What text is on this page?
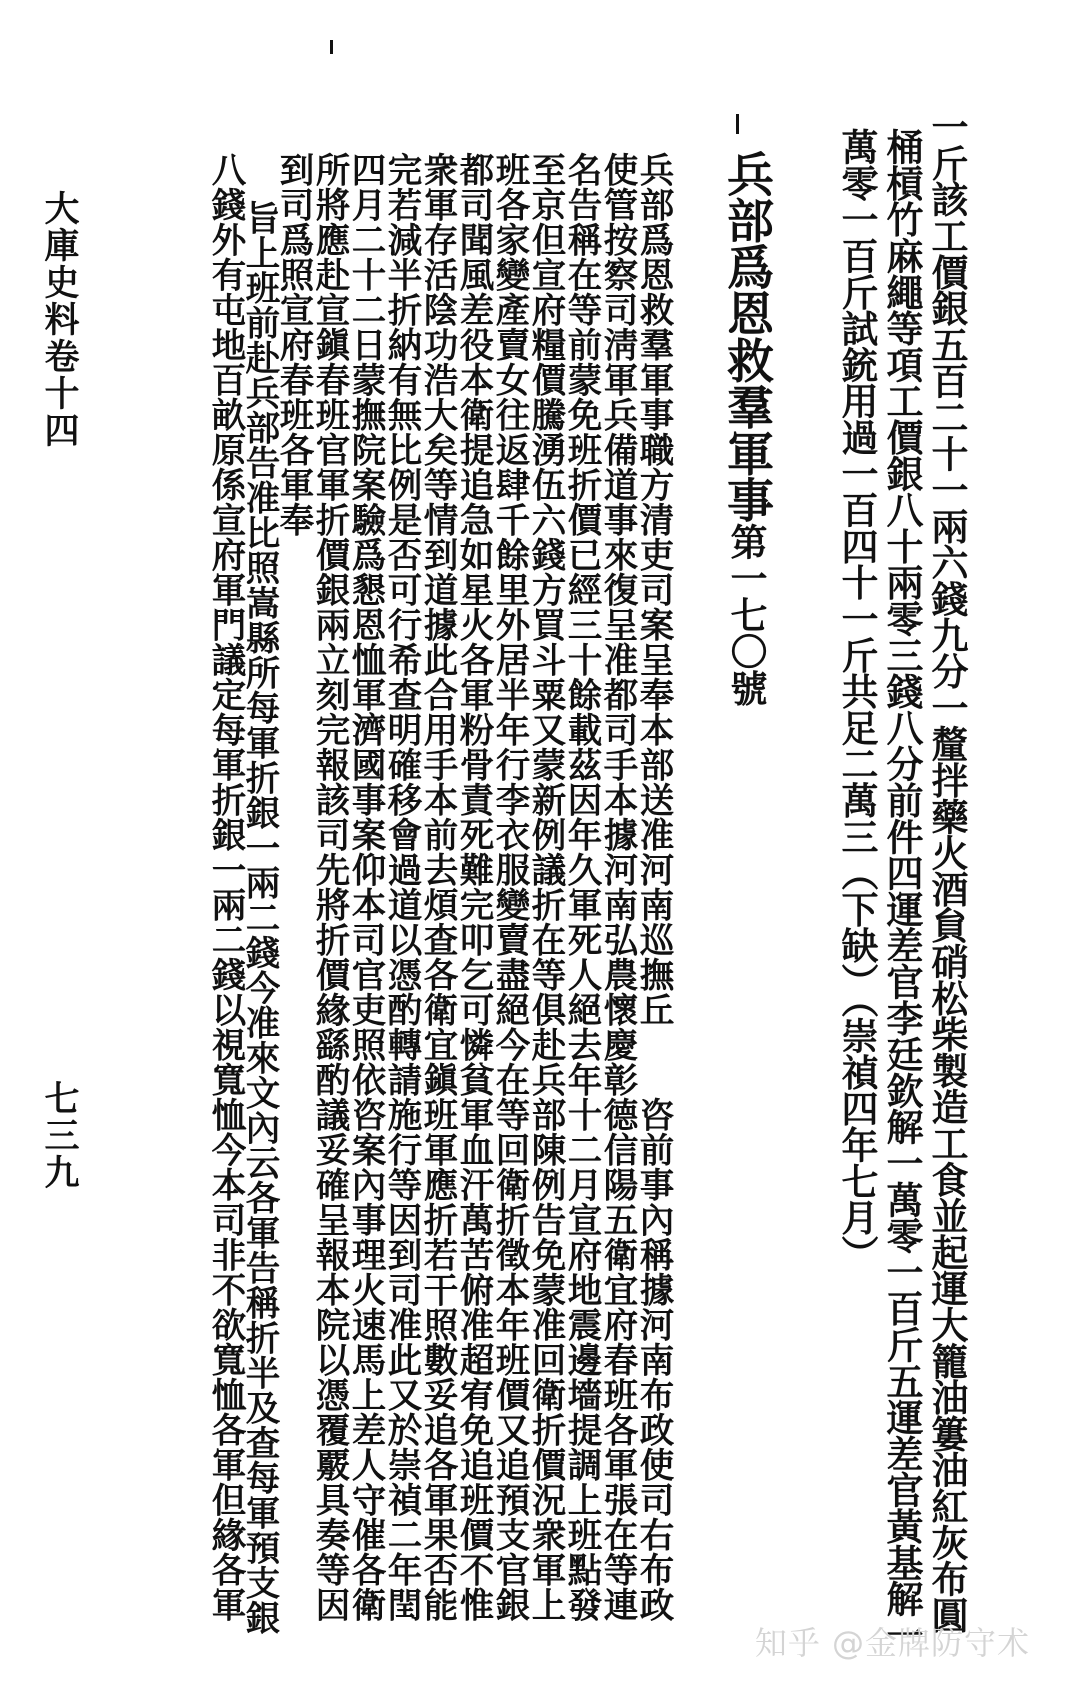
一斤該工價銀五百二十一兩六錢九分一釐拌藥火酒貟硝松柴製造工食並起運大籠油簍油紅灰布圓
桶槓竹麻繩等項工價銀八十兩零三錢八分前件四運差官李廷欽解一萬零一百斤五運差官黃基解一
萬零一百斤試銃用過一百四十一斤共足二萬三（下缺）（崇禎四年七月）
兵部爲恩救羣軍事第一七〇號
兵部爲恩救羣軍事職方清吏司案呈奉本部送准河南巡撫丘　　咨前事內稱據河南布政使司右布政
使管按察司淸軍兵備道事來復呈准都司手本據河南弘農懷慶彰德信陽五衛宜府春班各軍張在等連
名告稱在等前蒙免班折價已經三十餘載茲因年久軍死人絕去年十二月宣府地震邊墻提調上班點發
至京但宣府糧價騰湧伍六錢方買斗粟又蒙新例議折在等俱赴兵部陳例告免蒙准回衛折價況衆軍上
班各家變產賣女往返肆千餘里外居半年行李衣服變賣盡絕今在等回衛折徵本年班價又追預支官銀
都司聞風差役本衛提追急如星火各軍粉骨責死難完叩乞可憐貧軍血汗萬苦俯准超宥免追班價不惟
衆軍存活陰功浩大矣等情到道據此合用手本前去煩查各衛宜鎭班軍應折若干照數妥追各軍果否能
完若減半折納有無比例是否可行希查明確移會過道以憑酌轉請施行等因到司准此又於崇禎二年閏
四月二十二日蒙撫院案驗爲懇恩恤軍濟國事案仰本司官吏照依咨案內事理火速馬上差人守催各衛
所將應赴宣鎭春班官軍折價銀兩立刻完報該司先將折價緣繇酌議妥確呈報本院以憑覆覈具奏等因
到司爲照宣府春班各軍奉
旨上班前赴兵部告准比照嵩縣所每軍折銀一兩二錢今准來文內云各軍告稱折半及查每軍預支銀
八錢外有屯地百畝原係宣府軍門議定每軍折銀一兩二錢以視寬恤今本司非不欲寬恤各軍但緣各軍
大庫史料卷十四
七三九
知乎 @金牌防守术
